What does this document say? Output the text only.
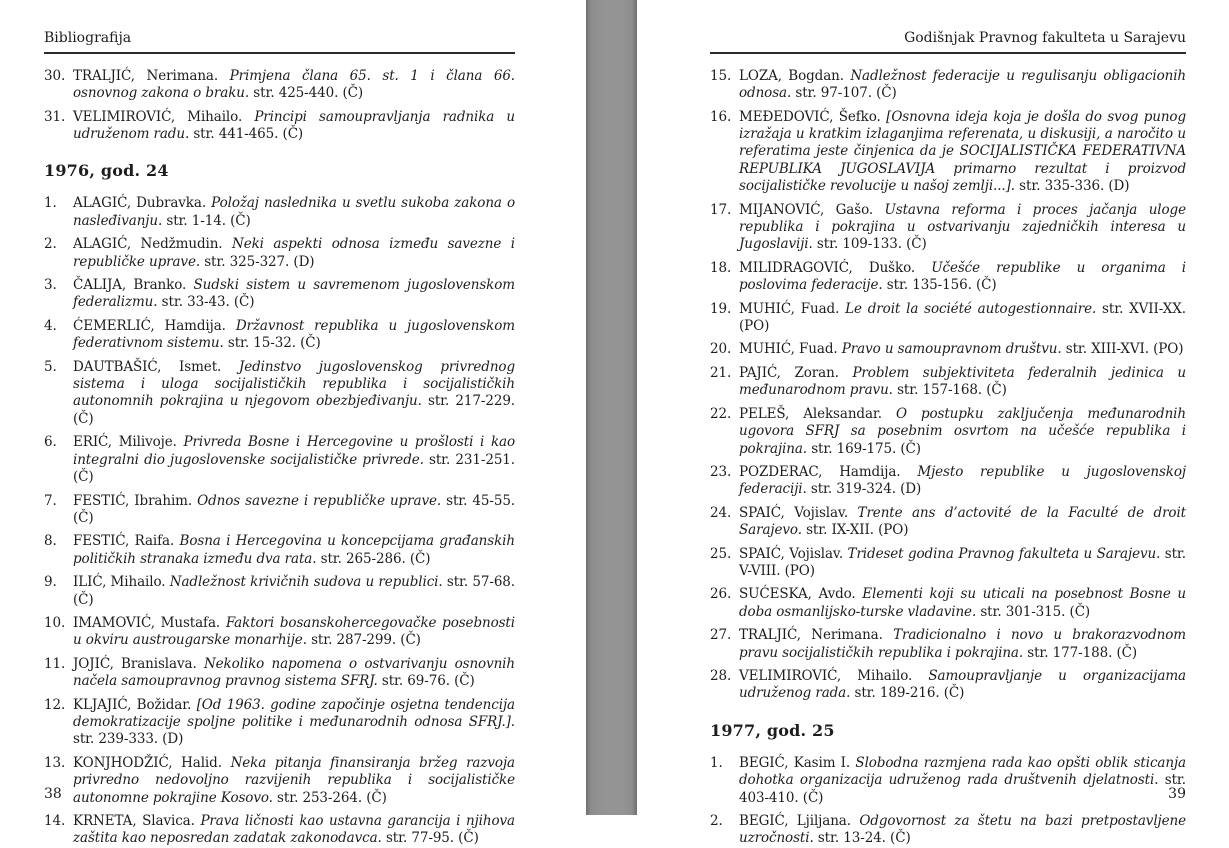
Bibliografija
30. TRALJIĆ, Nerimana. Primjena člana 65. st. 1 i člana 66. osnovnog zakona o braku. str. 425-440. (Č)
31. VELIMIROVIĆ, Mihailo. Principi samoupravljanja radnika u udruženom radu. str. 441-465. (Č)
1976, god. 24
1. ALAGIĆ, Dubravka. Položaj naslednika u svetlu sukoba zakona o nasleđivanju. str. 1-14. (Č)
2. ALAGIĆ, Nedžmudin. Neki aspekti odnosa između savezne i republičke uprave. str. 325-327. (D)
3. ČALIJA, Branko. Sudski sistem u savremenom jugoslovenskom federalizmu. str. 33-43. (Č)
4. ĆEMERLIĆ, Hamdija. Državnost republika u jugoslovenskom federativnom sistemu. str. 15-32. (Č)
5. DAUTBAŠIĆ, Ismet. Jedinstvo jugoslovenskog privrednog sistema i uloga socijalističkih republika i socijalističkih autonomnih pokrajina u njegovom obezbjeđivanju. str. 217-229. (Č)
6. ERIĆ, Milivoje. Privreda Bosne i Hercegovine u prošlosti i kao integralni dio jugoslovenske socijalističke privrede. str. 231-251. (Č)
7. FESTIĆ, Ibrahim. Odnos savezne i republičke uprave. str. 45-55. (Č)
8. FESTIĆ, Raifa. Bosna i Hercegovina u koncepcijama građanskih političkih stranaka između dva rata. str. 265-286. (Č)
9. ILIĆ, Mihailo. Nadležnost krivičnih sudova u republici. str. 57-68. (Č)
10. IMAMOVIĆ, Mustafa. Faktori bosanskohercegovačke posebnosti u okviru austrougarske monarhije. str. 287-299. (Č)
11. JOJIĆ, Branislava. Nekoliko napomena o ostvarivanju osnovnih načela samoupravnog pravnog sistema SFRJ. str. 69-76. (Č)
12. KLJAJIĆ, Božidar. [Od 1963. godine započinje osjetna tendencija demokratizacije spoljne politike i međunarodnih odnosa SFRJ.]. str. 239-333. (D)
13. KONJHODŽIĆ, Halid. Neka pitanja finansiranja bržeg razvoja privredno nedovoljno razvijenih republika i socijalističke autonomne pokrajine Kosovo. str. 253-264. (Č)
14. KRNETA, Slavica. Prava ličnosti kao ustavna garancija i njihova zaštita kao neposredan zadatak zakonodavca. str. 77-95. (Č)
38
Godišnjak Pravnog fakulteta u Sarajevu
15. LOZA, Bogdan. Nadležnost federacije u regulisanju obligacionih odnosa. str. 97-107. (Č)
16. MEĐEDOVIĆ, Šefko. [Osnovna ideja koja je došla do svog punog izražaja u kratkim izlaganjima referenata, u diskusiji, a naročito u referatima jeste činjenica da je SOCIJALISTIČKA FEDERATIVNA REPUBLIKA JUGOSLAVIJA primarno rezultat i proizvod socijalističke revolucije u našoj zemlji...]. str. 335-336. (D)
17. MIJANOVIĆ, Gašo. Ustavna reforma i proces jačanja uloge republika i pokrajina u ostvarivanju zajedničkih interesa u Jugoslaviji. str. 109-133. (Č)
18. MILIDRAGOVIĆ, Duško. Učešće republike u organima i poslovima federacije. str. 135-156. (Č)
19. MUHIĆ, Fuad. Le droit la société autogestionnaire. str. XVII-XX. (PO)
20. MUHIĆ, Fuad. Pravo u samoupravnom društvu. str. XIII-XVI. (PO)
21. PAJIĆ, Zoran. Problem subjektiviteta federalnih jedinica u međunarodnom pravu. str. 157-168. (Č)
22. PELEŠ, Aleksandar. O postupku zaključenja međunarodnih ugovora SFRJ sa posebnim osvrtom na učešće republika i pokrajina. str. 169-175. (Č)
23. POZDERAC, Hamdija. Mjesto republike u jugoslovenskoj federaciji. str. 319-324. (D)
24. SPAIĆ, Vojislav. Trente ans d’actovité de la Faculté de droit Sarajevo. str. IX-XII. (PO)
25. SPAIĆ, Vojislav. Trideset godina Pravnog fakulteta u Sarajevu. str. V-VIII. (PO)
26. SUĆESKA, Avdo. Elementi koji su uticali na posebnost Bosne u doba osmanlijsko-turske vladavine. str. 301-315. (Č)
27. TRALJIĆ, Nerimana. Tradicionalno i novo u brakorazvodnom pravu socijalističkih republika i pokrajina. str. 177-188. (Č)
28. VELIMIROVIĆ, Mihailo. Samoupravljanje u organizacijama udruženog rada. str. 189-216. (Č)
1977, god. 25
1. BEGIĆ, Kasim I. Slobodna razmjena rada kao opšti oblik sticanja dohotka organizacija udruženog rada društvenih djelatnosti. str. 403-410. (Č)
2. BEGIĆ, Ljiljana. Odgovornost za štetu na bazi pretpostavljene uzročnosti. str. 13-24. (Č)
39
